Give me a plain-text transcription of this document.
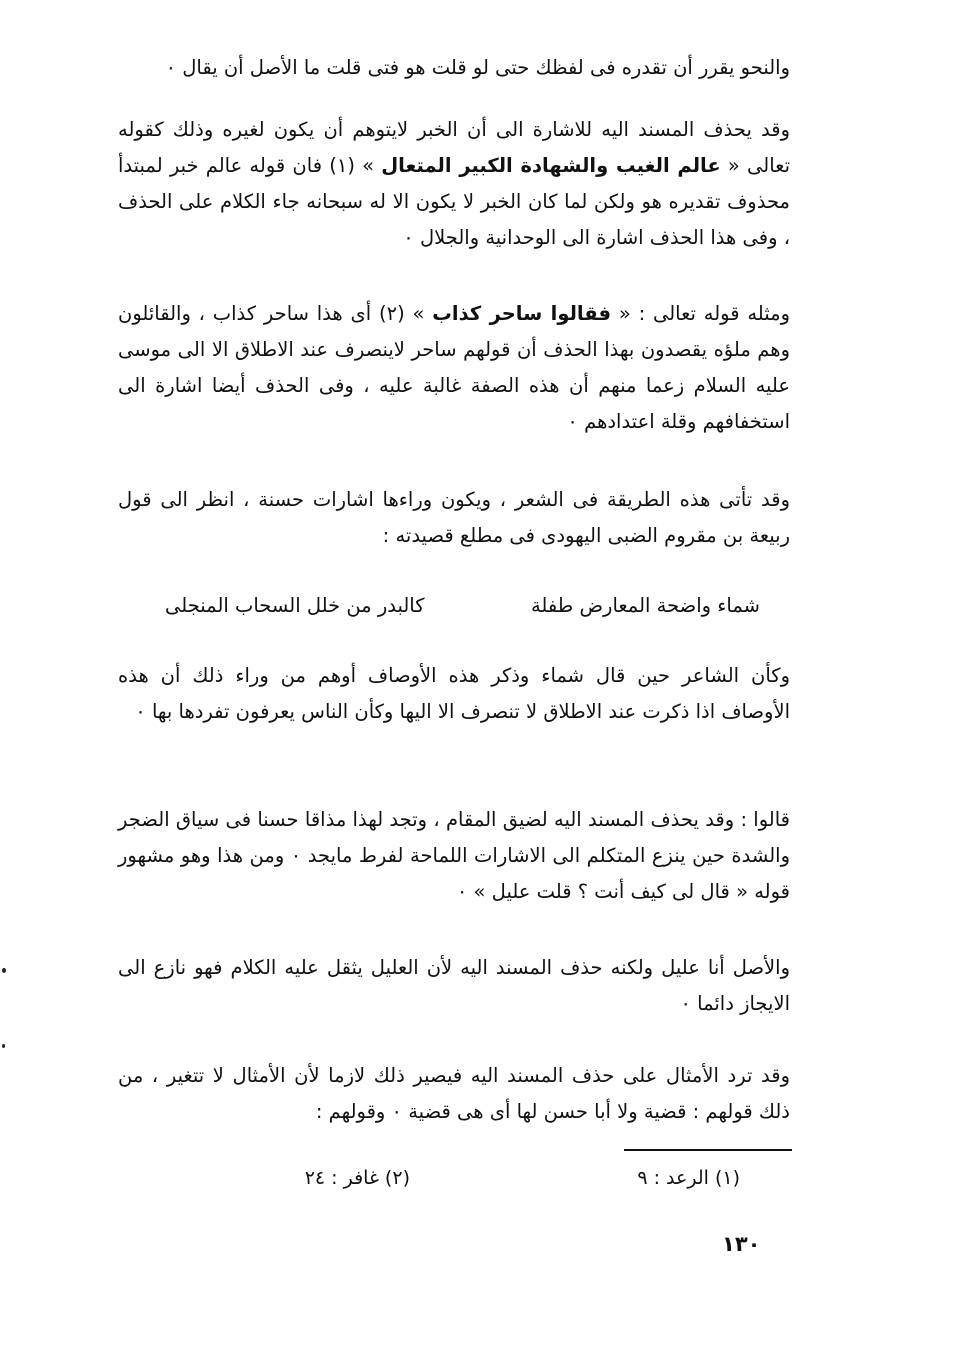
والنحو يقرر أن تقدره فى لفظك حتى لو قلت هو فتى قلت ما الأصل أن يقال ٠
وقد يحذف المسند اليه للاشارة الى أن الخبر لايتوهم أن يكون لغيره وذلك كقوله تعالى « عالم الغيب والشهادة الكبير المتعال » (١) فان قوله عالم خبر لمبتدأ محذوف تقديره هو ولكن لما كان الخبر لا يكون الا له سبحانه جاء الكلام على الحذف ، وفى هذا الحذف اشارة الى الوحدانية والجلال ٠
ومثله قوله تعالى : « فقالوا ساحر كذاب » (٢) أى هذا ساحر كذاب ، والقائلون وهم ملؤه يقصدون بهذا الحذف أن قولهم ساحر لاينصرف عند الاطلاق الا الى موسى عليه السلام زعما منهم أن هذه الصفة غالبة عليه ، وفى الحذف أيضا اشارة الى استخفافهم وقلة اعتدادهم ٠
وقد تأتى هذه الطريقة فى الشعر ، ويكون وراءها اشارات حسنة ، انظر الى قول ربيعة بن مقروم الضبى اليهودى فى مطلع قصيدته :
شماء واضحة المعارض طفلة
كالبدر من خلل السحاب المنجلى
وكأن الشاعر حين قال شماء وذكر هذه الأوصاف أوهم من وراء ذلك أن هذه الأوصاف اذا ذكرت عند الاطلاق لا تنصرف الا اليها وكأن الناس يعرفون تفردها بها ٠
قالوا : وقد يحذف المسند اليه لضيق المقام ، وتجد لهذا مذاقا حسنا فى سياق الضجر والشدة حين ينزع المتكلم الى الاشارات اللماحة لفرط مايجد ٠ ومن هذا وهو مشهور قوله « قال لى كيف أنت ؟ قلت عليل » ٠
والأصل أنا عليل ولكنه حذف المسند اليه لأن العليل يثقل عليه الكلام فهو نازع الى الايجاز دائما ٠
وقد ترد الأمثال على حذف المسند اليه فيصير ذلك لازما لأن الأمثال لا تتغير ، من ذلك قولهم : قضية ولا أبا حسن لها أى هى قضية ٠ وقولهم :
(١) الرعد : ٩
(٢) غافر : ٢٤
١٣٠
